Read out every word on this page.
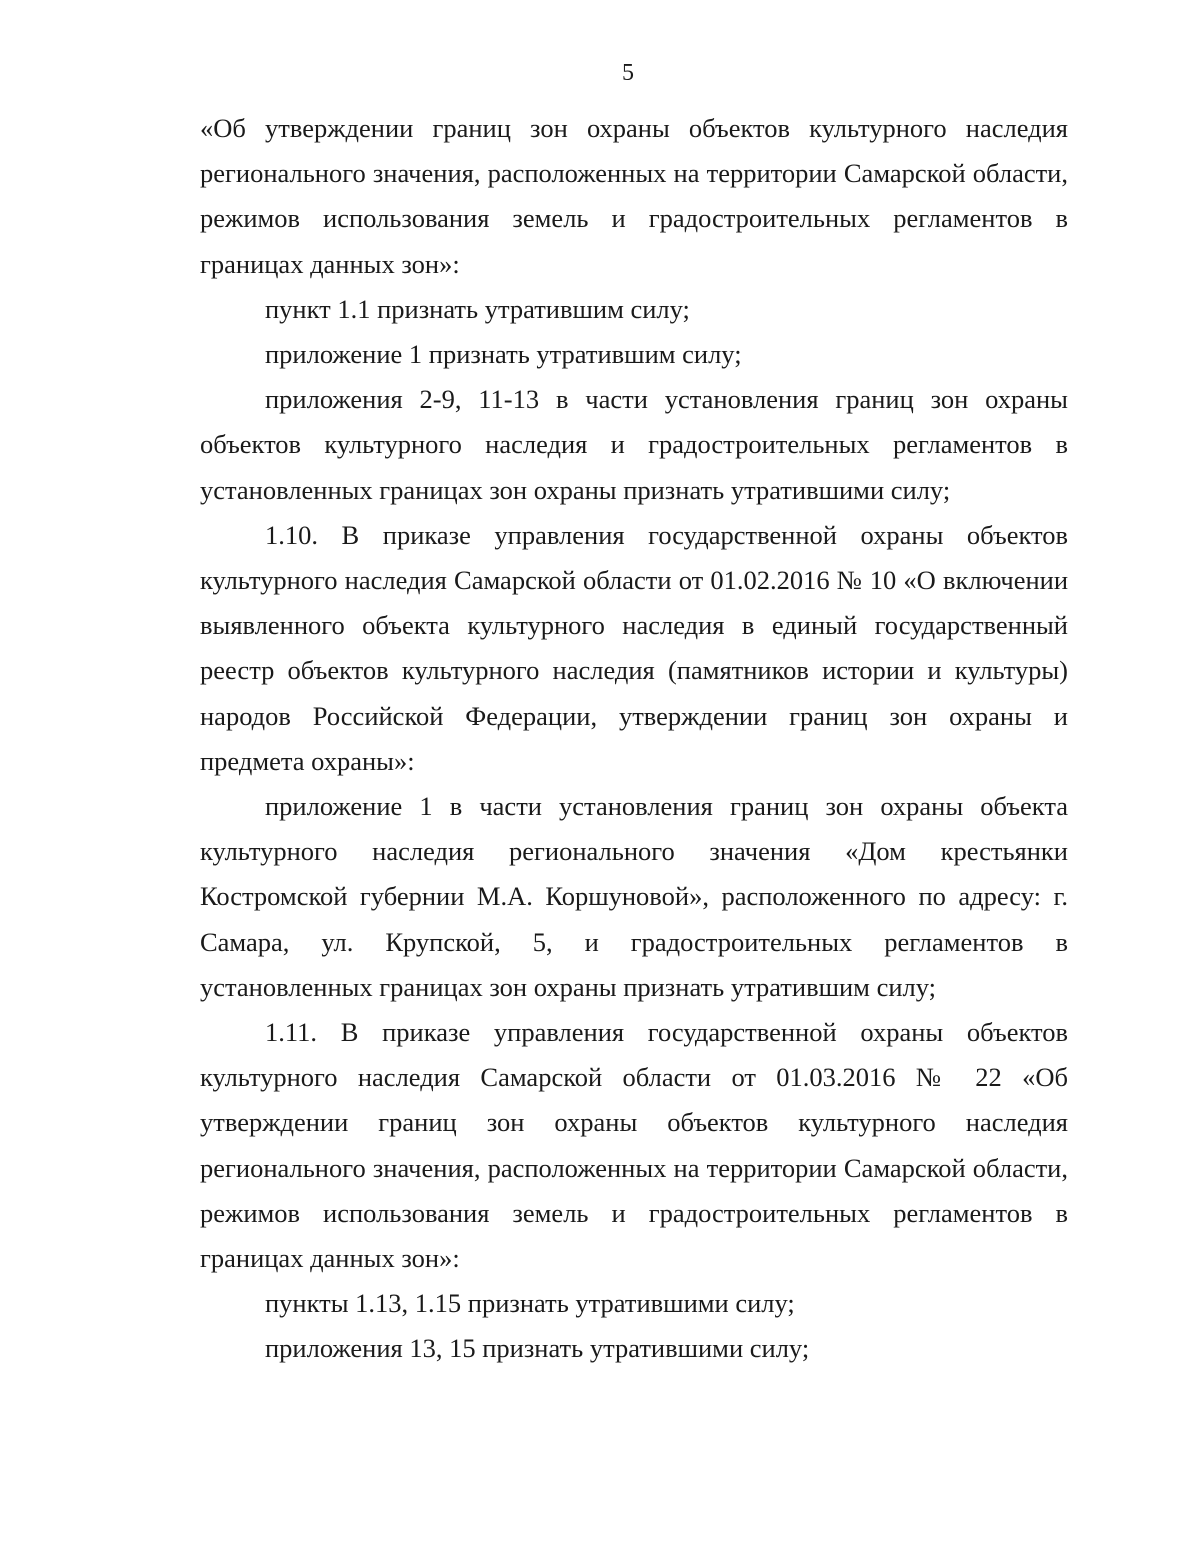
5

«Об утверждении границ зон охраны объектов культурного наследия регионального значения, расположенных на территории Самарской области, режимов использования земель и градостроительных регламентов в границах данных зон»:

пункт 1.1 признать утратившим силу;

приложение 1 признать утратившим силу;

приложения 2-9, 11-13 в части установления границ зон охраны объектов культурного наследия и градостроительных регламентов в установленных границах зон охраны признать утратившими силу;

1.10. В приказе управления государственной охраны объектов культурного наследия Самарской области от 01.02.2016 № 10 «О включении выявленного объекта культурного наследия в единый государственный реестр объектов культурного наследия (памятников истории и культуры) народов Российской Федерации, утверждении границ зон охраны и предмета охраны»:

приложение 1 в части установления границ зон охраны объекта культурного наследия регионального значения «Дом крестьянки Костромской губернии М.А. Коршуновой», расположенного по адресу: г. Самара, ул. Крупской, 5, и градостроительных регламентов в установленных границах зон охраны признать утратившим силу;

1.11. В приказе управления государственной охраны объектов культурного наследия Самарской области от 01.03.2016 № 22 «Об утверждении границ зон охраны объектов культурного наследия регионального значения, расположенных на территории Самарской области, режимов использования земель и градостроительных регламентов в границах данных зон»:

пункты 1.13, 1.15 признать утратившими силу;

приложения 13, 15 признать утратившими силу;
